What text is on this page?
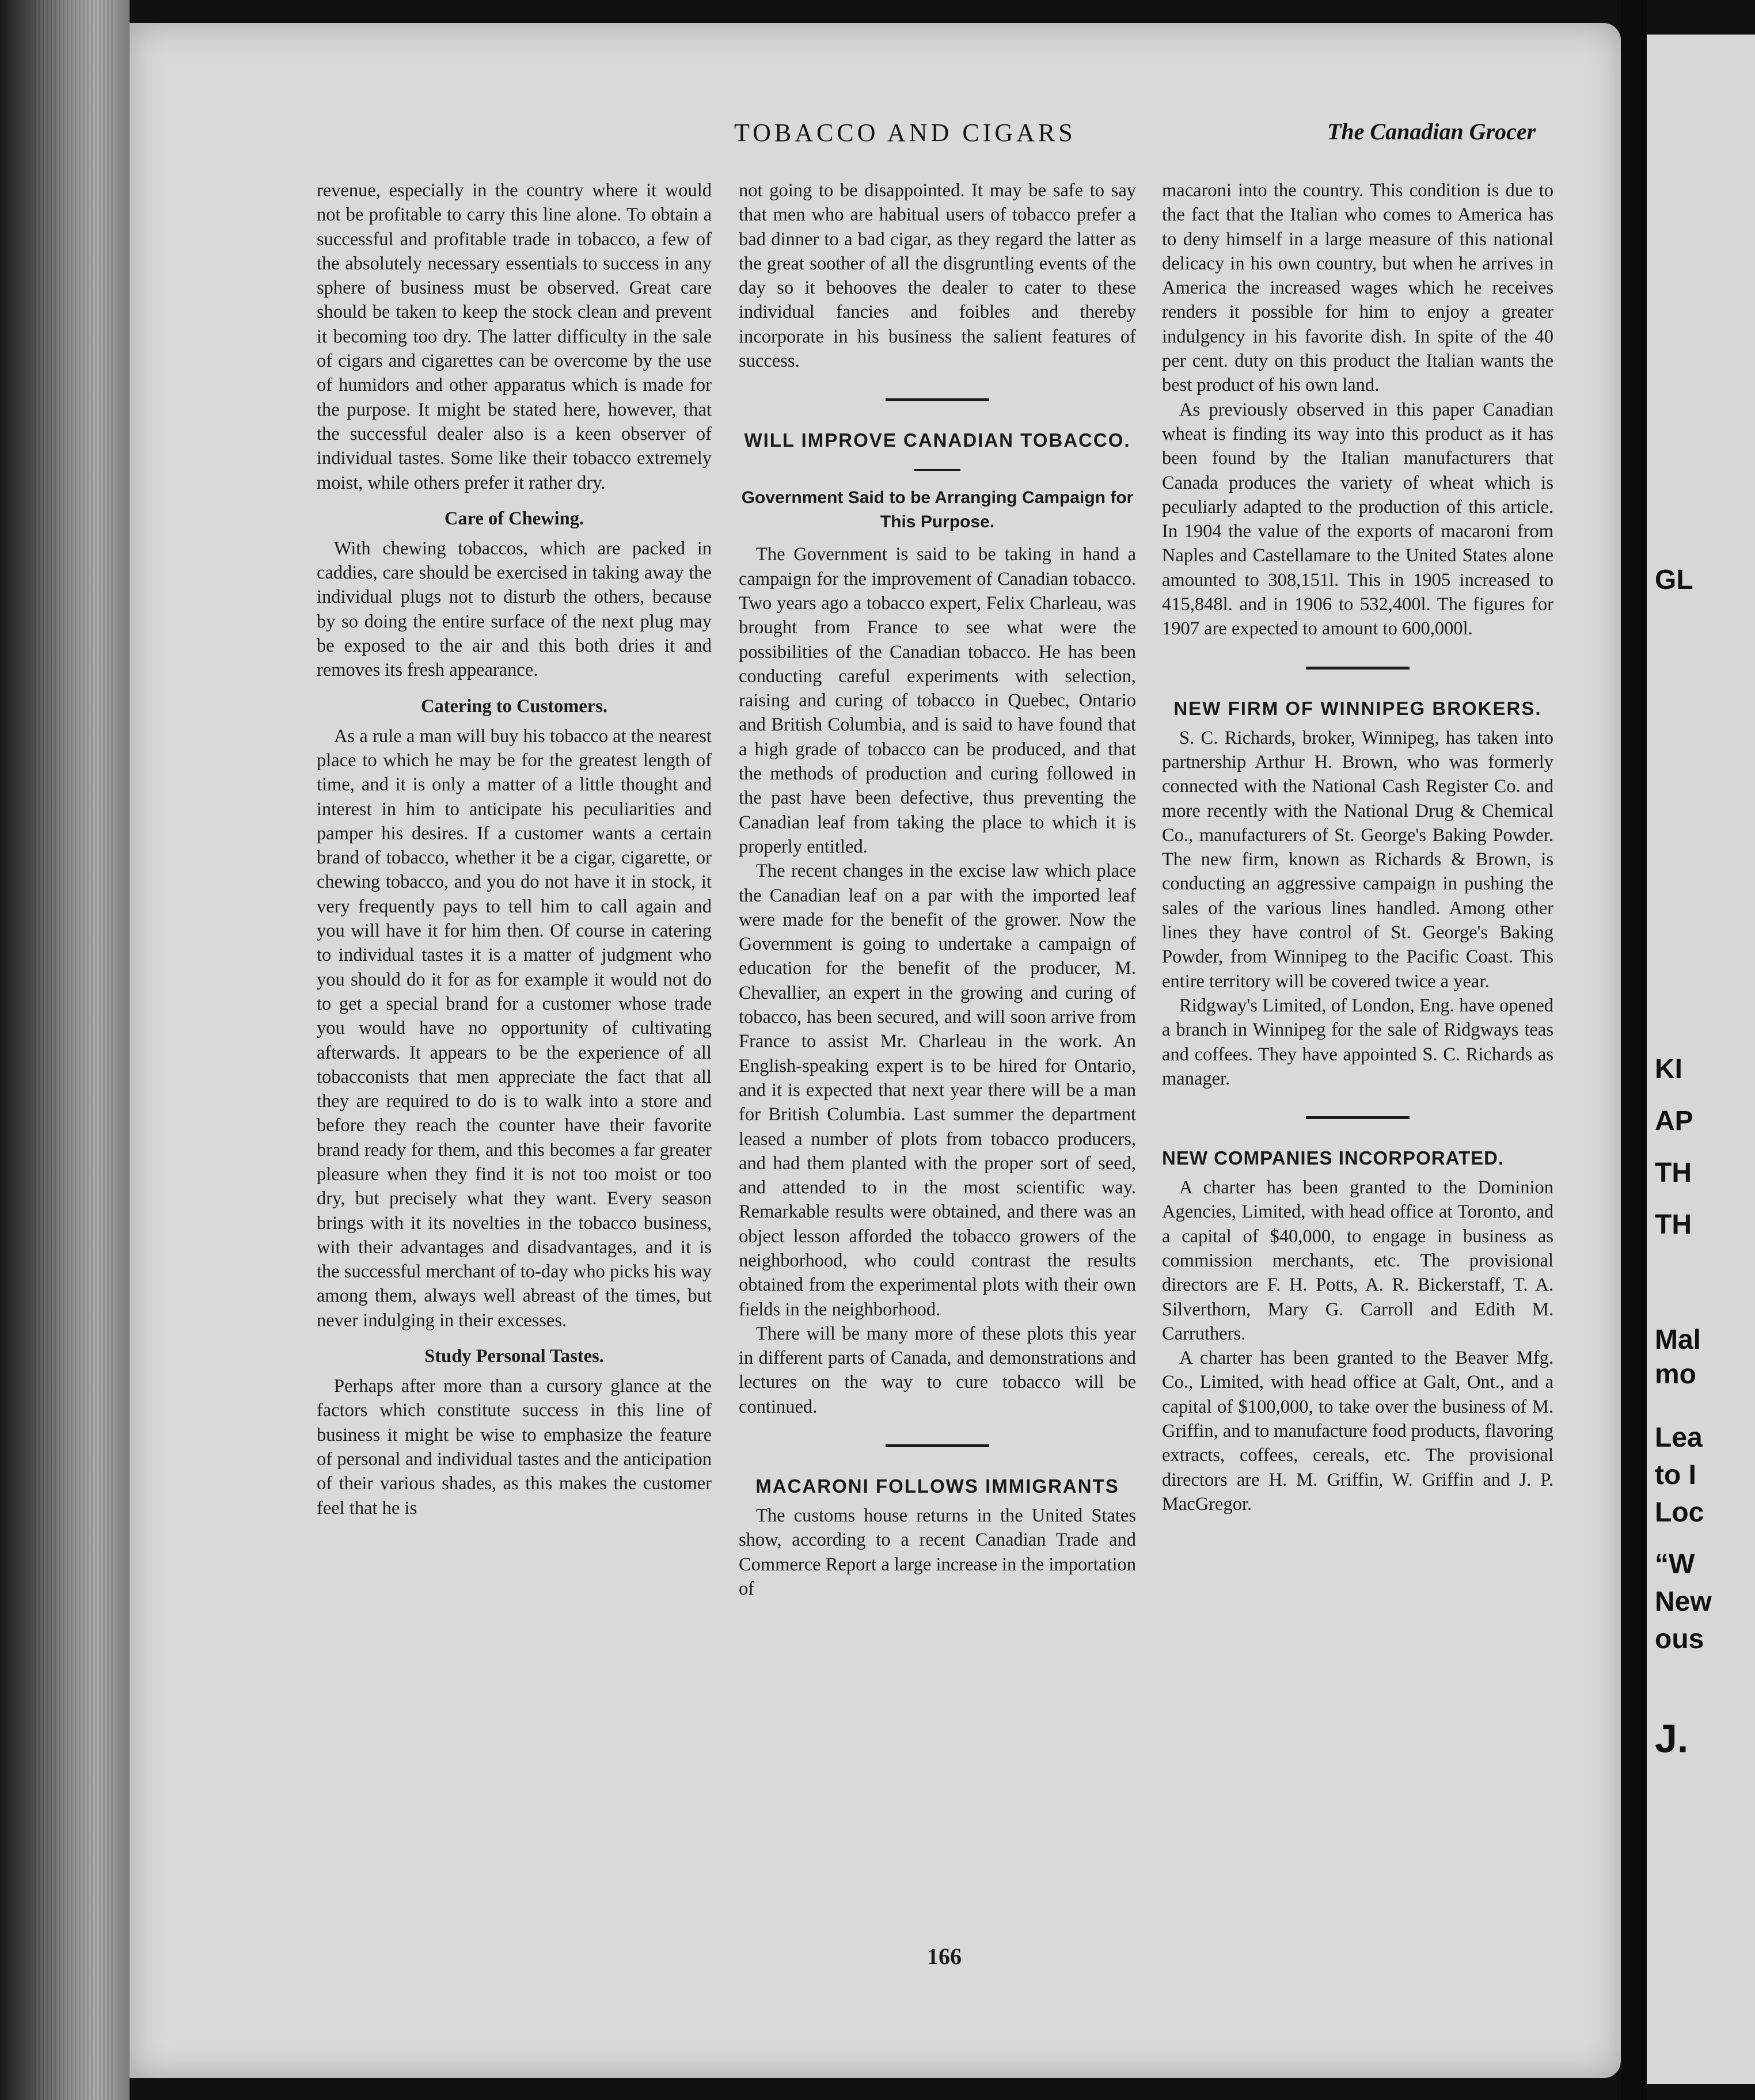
TOBACCO AND CIGARS	The Canadian Grocer

revenue, especially in the country where it would not be profitable to carry this line alone. To obtain a successful and profitable trade in tobacco, a few of the absolutely necessary essentials to success in any sphere of business must be observed. Great care should be taken to keep the stock clean and prevent it becoming too dry. The latter difficulty in the sale of cigars and cigarettes can be overcome by the use of humidors and other apparatus which is made for the purpose. It might be stated here, however, that the successful dealer also is a keen observer of individual tastes. Some like their tobacco extremely moist, while others prefer it rather dry.

Care of Chewing.

With chewing tobaccos, which are packed in caddies, care should be exercised in taking away the individual plugs not to disturb the others, because by so doing the entire surface of the next plug may be exposed to the air and this both dries it and removes its fresh appearance.

Catering to Customers.

As a rule a man will buy his tobacco at the nearest place to which he may be for the greatest length of time, and it is only a matter of a little thought and interest in him to anticipate his peculiarities and pamper his desires. If a customer wants a certain brand of tobacco, whether it be a cigar, cigarette, or chewing tobacco, and you do not have it in stock, it very frequently pays to tell him to call again and you will have it for him then. Of course in catering to individual tastes it is a matter of judgment who you should do it for as for example it would not do to get a special brand for a customer whose trade you would have no opportunity of cultivating afterwards. It appears to be the experience of all tobacconists that men appreciate the fact that all they are required to do is to walk into a store and before they reach the counter have their favorite brand ready for them, and this becomes a far greater pleasure when they find it is not too moist or too dry, but precisely what they want. Every season brings with it its novelties in the tobacco business, with their advantages and disadvantages, and it is the successful merchant of to-day who picks his way among them, always well abreast of the times, but never indulging in their excesses.

Study Personal Tastes.

Perhaps after more than a cursory glance at the factors which constitute success in this line of business it might be wise to emphasize the feature of personal and individual tastes and the anticipation of their various shades, as this makes the customer feel that he is

not going to be disappointed. It may be safe to say that men who are habitual users of tobacco prefer a bad dinner to a bad cigar, as they regard the latter as the great soother of all the disgruntling events of the day so it behooves the dealer to cater to these individual fancies and foibles and thereby incorporate in his business the salient features of success.

WILL IMPROVE CANADIAN TOBACCO.
Government Said to be Arranging Campaign for This Purpose.

The Government is said to be taking in hand a campaign for the improvement of Canadian tobacco. Two years ago a tobacco expert, Felix Charleau, was brought from France to see what were the possibilities of the Canadian tobacco. He has been conducting careful experiments with selection, raising and curing of tobacco in Quebec, Ontario and British Columbia, and is said to have found that a high grade of tobacco can be produced, and that the methods of production and curing followed in the past have been defective, thus preventing the Canadian leaf from taking the place to which it is properly entitled.

The recent changes in the excise law which place the Canadian leaf on a par with the imported leaf were made for the benefit of the grower. Now the Government is going to undertake a campaign of education for the benefit of the producer, M. Chevallier, an expert in the growing and curing of tobacco, has been secured, and will soon arrive from France to assist Mr. Charleau in the work. An English-speaking expert is to be hired for Ontario, and it is expected that next year there will be a man for British Columbia. Last summer the department leased a number of plots from tobacco producers, and had them planted with the proper sort of seed, and attended to in the most scientific way. Remarkable results were obtained, and there was an object lesson afforded the tobacco growers of the neighborhood, who could contrast the results obtained from the experimental plots with their own fields in the neighborhood.

There will be many more of these plots this year in different parts of Canada, and demonstrations and lectures on the way to cure tobacco will be continued.

MACARONI FOLLOWS IMMIGRANTS

The customs house returns in the United States show, according to a recent Canadian Trade and Commerce Report a large increase in the importation of

macaroni into the country. This condition is due to the fact that the Italian who comes to America has to deny himself in a large measure of this national delicacy in his own country, but when he arrives in America the increased wages which he receives renders it possible for him to enjoy a greater indulgency in his favorite dish. In spite of the 40 per cent. duty on this product the Italian wants the best product of his own land.

As previously observed in this paper Canadian wheat is finding its way into this product as it has been found by the Italian manufacturers that Canada produces the variety of wheat which is peculiarly adapted to the production of this article. In 1904 the value of the exports of macaroni from Naples and Castellamare to the United States alone amounted to 308,151l. This in 1905 increased to 415,848l. and in 1906 to 532,400l. The figures for 1907 are expected to amount to 600,000l.

NEW FIRM OF WINNIPEG BROKERS.

S. C. Richards, broker, Winnipeg, has taken into partnership Arthur H. Brown, who was formerly connected with the National Cash Register Co. and more recently with the National Drug & Chemical Co., manufacturers of St. George's Baking Powder. The new firm, known as Richards & Brown, is conducting an aggressive campaign in pushing the sales of the various lines handled. Among other lines they have control of St. George's Baking Powder, from Winnipeg to the Pacific Coast. This entire territory will be covered twice a year.

Ridgway's Limited, of London, Eng. have opened a branch in Winnipeg for the sale of Ridgways teas and coffees. They have appointed S. C. Richards as manager.

NEW COMPANIES INCORPORATED.

A charter has been granted to the Dominion Agencies, Limited, with head office at Toronto, and a capital of $40,000, to engage in business as commission merchants, etc. The provisional directors are F. H. Potts, A. R. Bickerstaff, T. A. Silverthorn, Mary G. Carroll and Edith M. Carruthers.

A charter has been granted to the Beaver Mfg. Co., Limited, with head office at Galt, Ont., and a capital of $100,000, to take over the business of M. Griffin, and to manufacture food products, flavoring extracts, coffees, cereals, etc. The provisional directors are H. M. Griffin, W. Griffin and J. P. MacGregor.

166
GL
KI
AP
TH
TH
Mal
mo
Lea
to I
Loc
“W
New
ous
J.
